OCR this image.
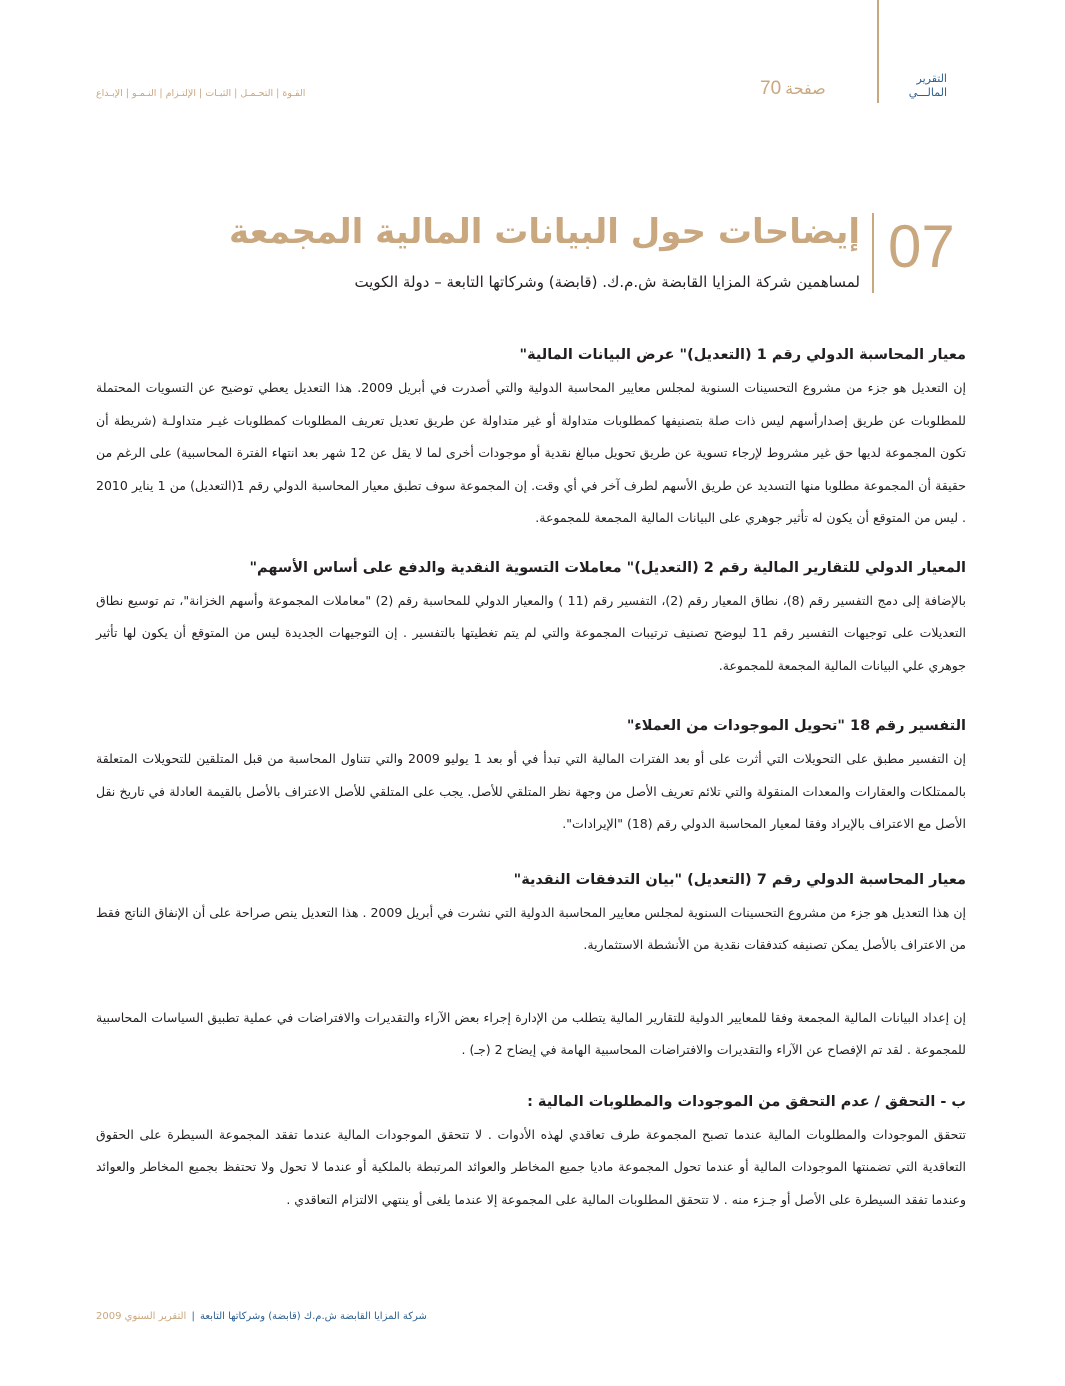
التقرير
المالـــي
70 صفحة
القـوة | التحـمـل | الثبـات | الإلتـزام | النـمـو | الإبـداع
07
إيضاحات حول البيانات المالية المجمعة
لمساهمين شركة المزايا القابضة ش.م.ك. (قابضة) وشركاتها التابعة – دولة الكويت
معيار المحاسبة الدولي رقم 1 (التعديل)" عرض البيانات المالية"

إن التعديل هو جزء من مشروع التحسينات السنوية لمجلس معايير المحاسبة الدولية والتي أصدرت في أبريل 2009. هذا التعديل يعطي توضيح عن التسويات المحتملة للمطلوبات عن طريق إصدارأسهم ليس ذات صلة بتصنيفها كمطلوبات متداولة أو غير متداولة عن طريق تعديل تعريف المطلوبات كمطلوبات غيـر متداولـة (شريطة أن تكون المجموعة لديها حق غير مشروط لإرجاء تسوية عن طريق تحويل مبالغ نقدية أو موجودات أخرى لما لا يقل عن 12 شهر بعد انتهاء الفترة المحاسبية) على الرغم من حقيقة أن المجموعة مطلوبا منها التسديد عن طريق الأسهم لطرف آخر في أي وقت. إن المجموعة سوف تطبق معيار المحاسبة الدولي رقم 1(التعديل) من 1 يناير 2010 . ليس من المتوقع أن يكون له تأثير جوهري على البيانات المالية المجمعة للمجموعة.

المعيار الدولي للتقارير المالية رقم 2 (التعديل)" معاملات التسوية النقدية والدفع على أساس الأسهم"

بالإضافة إلى دمج التفسير رقم (8)، نطاق المعيار رقم (2)، التفسير رقم (11 ) والمعيار الدولي للمحاسبة رقم (2) "معاملات المجموعة وأسهم الخزانة"، تم توسيع نطاق التعديلات على توجيهات التفسير رقم 11 ليوضح تصنيف ترتيبات المجموعة والتي لم يتم تغطيتها بالتفسير . إن التوجيهات الجديدة ليس من المتوقع أن يكون لها تأثير جوهري علي البيانات المالية المجمعة للمجموعة.

التفسير رقم 18 "تحويل الموجودات من العملاء"

إن التفسير مطبق على التحويلات التي أثرت على أو بعد الفترات المالية التي تبدأ في أو بعد 1 يوليو 2009 والتي تتناول المحاسبة من قبل المتلقين للتحويلات المتعلقة بالممتلكات والعقارات والمعدات المنقولة والتي تلائم تعريف الأصل من وجهة نظر المتلقي للأصل. يجب على المتلقي للأصل الاعتراف بالأصل بالقيمة العادلة في تاريخ نقل الأصل مع الاعتراف بالإيراد وفقا لمعيار المحاسبة الدولي رقم (18) "الإيرادات".

معيار المحاسبة الدولي رقم 7 (التعديل) "بيان التدفقات النقدية"

إن هذا التعديل هو جزء من مشروع التحسينات السنوية لمجلس معايير المحاسبة الدولية التي نشرت في أبريل 2009 . هذا التعديل ينص صراحة على أن الإنفاق الناتج فقط من الاعتراف بالأصل يمكن تصنيفه كتدفقات نقدية من الأنشطة الاستثمارية.

إن إعداد البيانات المالية المجمعة وفقا للمعايير الدولية للتقارير المالية يتطلب من الإدارة إجراء بعض الآراء والتقديرات والافتراضات في عملية تطبيق السياسات المحاسبية للمجموعة . لقد تم الإفصاح عن الآراء والتقديرات والافتراضات المحاسبية الهامة في إيضاح 2 (جـ) .

ب - التحقق / عدم التحقق من الموجودات والمطلوبات المالية :

تتحقق الموجودات والمطلوبات المالية عندما تصبح المجموعة طرف تعاقدي لهذه الأدوات . لا تتحقق الموجودات المالية عندما تفقد المجموعة السيطرة على الحقوق التعاقدية التي تضمنتها الموجودات المالية أو عندما تحول المجموعة ماديا جميع المخاطر والعوائد المرتبطة بالملكية أو عندما لا تحول ولا تحتفظ بجميع المخاطر والعوائد وعندما تفقد السيطرة على الأصل أو جـزء منه . لا تتحقق المطلوبات المالية على المجموعة إلا عندما يلغى أو ينتهي الالتزام التعاقدي .

شركة المزايا القابضة ش.م.ك (قابضة) وشركاتها التابعة | التقرير السنوي 2009
